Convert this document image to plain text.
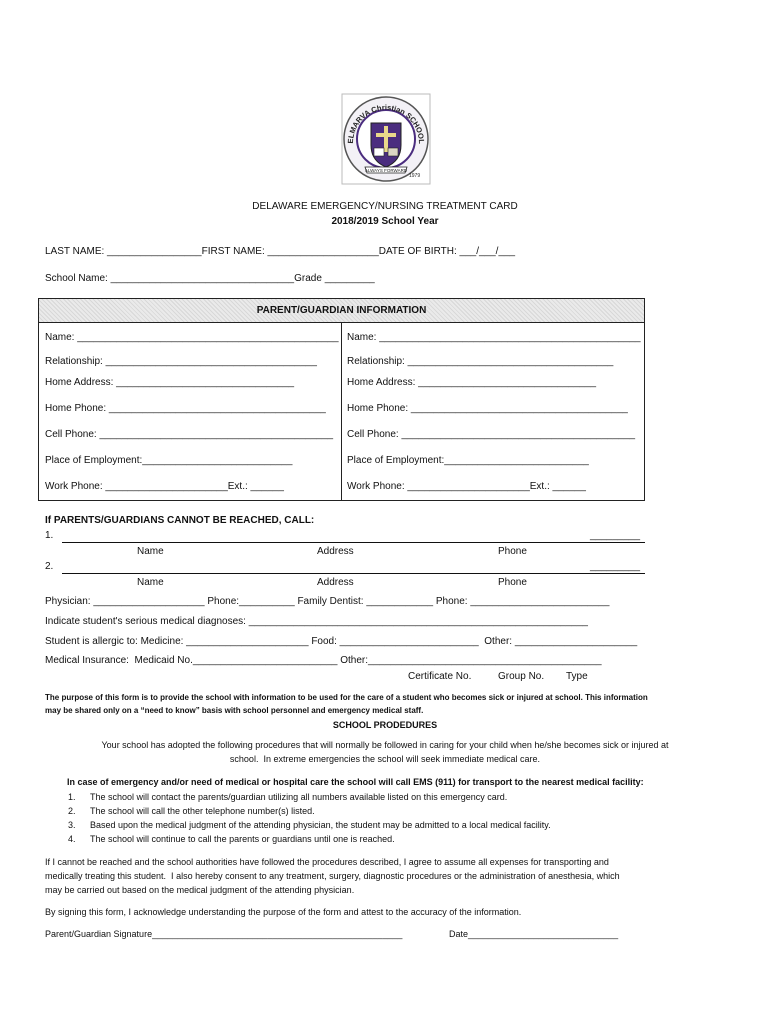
ELMARVA Christian SCHOOL
ALWAYS FORWARD
1979
DELAWARE EMERGENCY/NURSING TREATMENT CARD
2018/2019 School Year
LAST NAME: _________________FIRST NAME: ____________________DATE OF BIRTH: ___/___/___
School Name: _________________________________Grade _________
PARENT/GUARDIAN INFORMATION
Name: _______________________________________________
Relationship: ______________________________________
Home Address: ________________________________
Home Phone: _______________________________________
Cell Phone: __________________________________________
Place of Employment:___________________________
Work Phone: ______________________Ext.: ______
Name: _______________________________________________
Relationship: _____________________________________
Home Address: ________________________________
Home Phone: _______________________________________
Cell Phone: __________________________________________
Place of Employment:__________________________
Work Phone: ______________________Ext.: ______
If PARENTS/GUARDIANS CANNOT BE REACHED, CALL:
1.	_________
Name	Address	Phone
2.	_________
Name	Address	Phone
Physician: ____________________ Phone:__________ Family Dentist: ____________ Phone: _________________________
Indicate student's serious medical diagnoses: _____________________________________________________________
Student is allergic to: Medicine: ______________________ Food: _________________________  Other: ______________________
Medical Insurance:  Medicaid No.__________________________ Other:__________________________________________
Certificate No.	Group No. Type
The purpose of this form is to provide the school with information to be used for the care of a student who becomes sick or injured at school. This information
may be shared only on a “need to know” basis with school personnel and emergency medical staff.
SCHOOL PRODEDURES
Your school has adopted the following procedures that will normally be followed in caring for your child when he/she becomes sick or injured at
school.  In extreme emergencies the school will seek immediate medical care.
In case of emergency and/or need of medical or hospital care the school will call EMS (911) for transport to the nearest medical facility:
1. The school will contact the parents/guardian utilizing all numbers available listed on this emergency card.
2. The school will call the other telephone number(s) listed.
3. Based upon the medical judgment of the attending physician, the student may be admitted to a local medical facility.
4. The school will continue to call the parents or guardians until one is reached.
If I cannot be reached and the school authorities have followed the procedures described, I agree to assume all expenses for transporting and
medically treating this student.  I also hereby consent to any treatment, surgery, diagnostic procedures or the administration of anesthesia, which
may be carried out based on the medical judgment of the attending physician.
By signing this form, I acknowledge understanding the purpose of the form and attest to the accuracy of the information.
Parent/Guardian Signature__________________________________________________	Date______________________________
